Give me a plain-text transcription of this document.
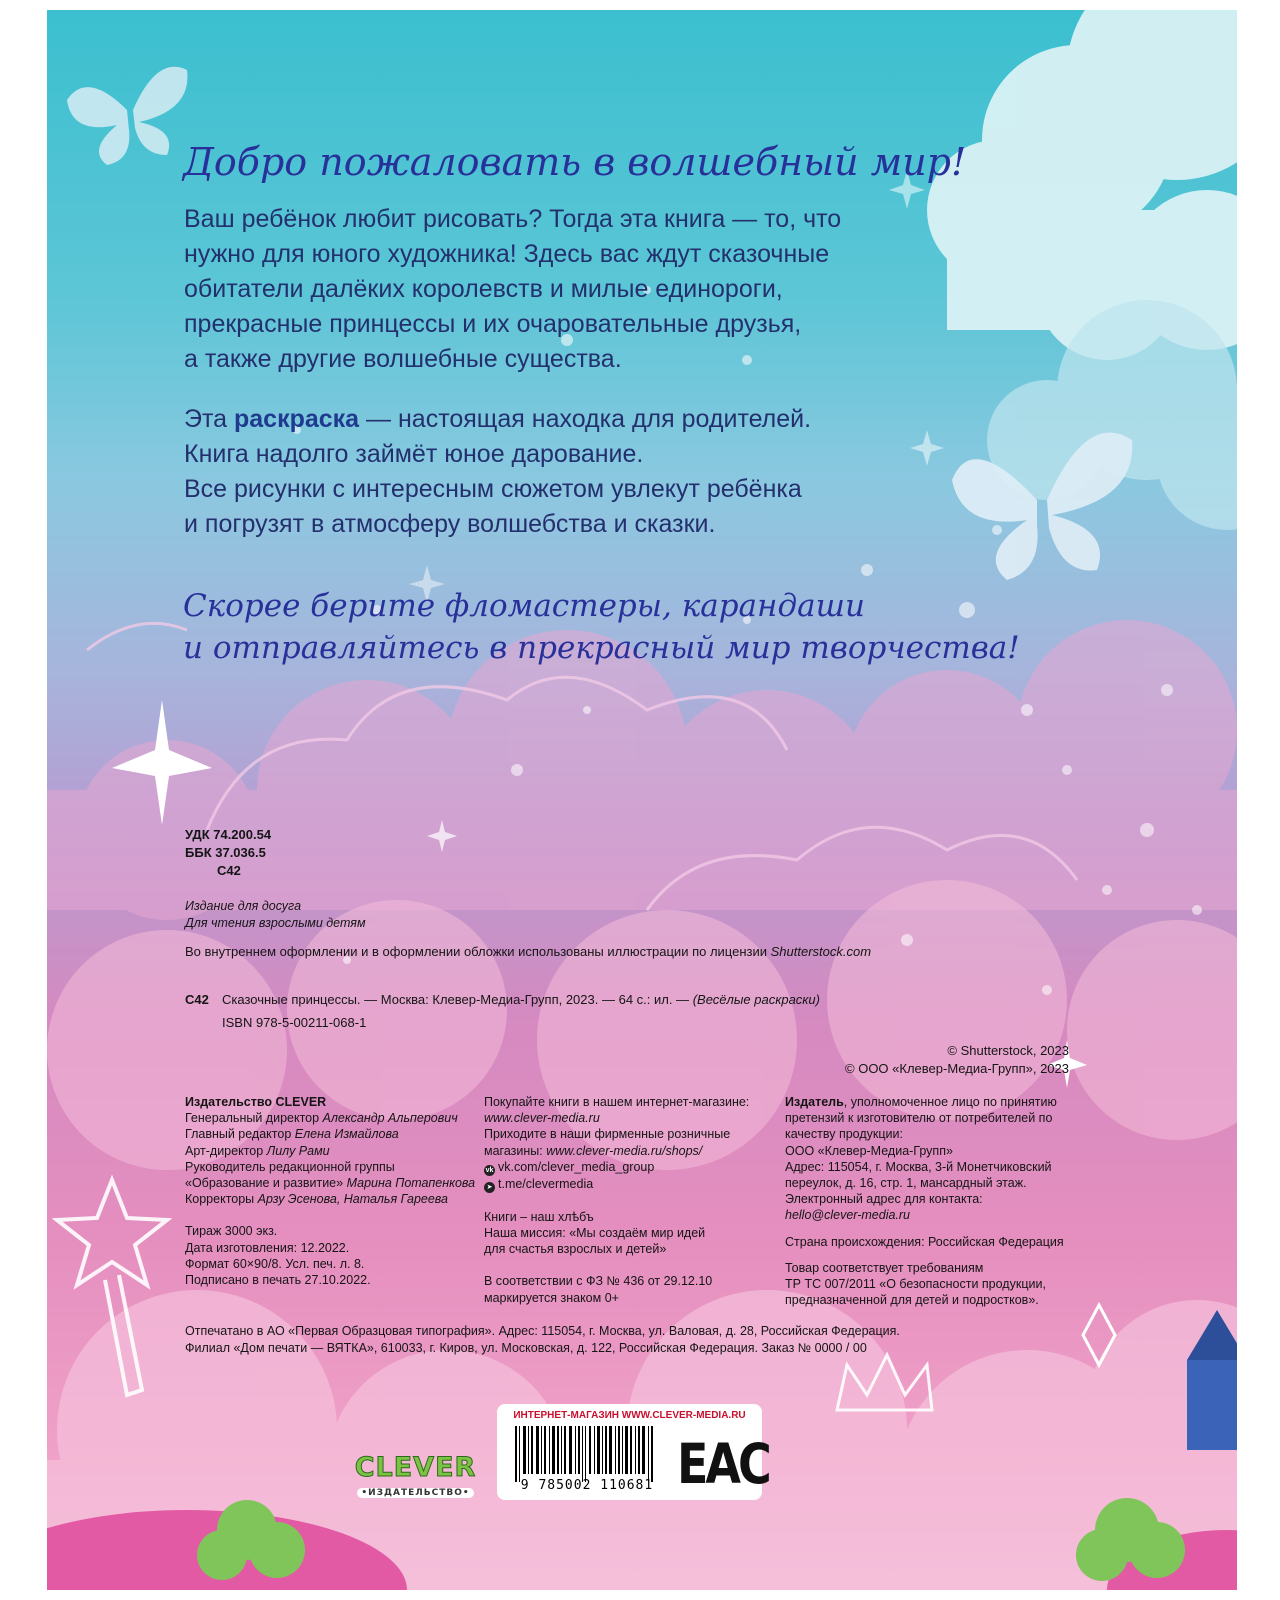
Добро пожаловать в волшебный мир!
Ваш ребёнок любит рисовать? Тогда эта книга — то, что
нужно для юного художника! Здесь вас ждут сказочные
обитатели далёких королевств и милые единороги,
прекрасные принцессы и их очаровательные друзья,
а также другие волшебные существа.
Эта раскраска — настоящая находка для родителей.
Книга надолго займёт юное дарование.
Все рисунки с интересным сюжетом увлекут ребёнка
и погрузят в атмосферу волшебства и сказки.
Скорее берите фломастеры, карандаши
и отправляйтесь в прекрасный мир творчества!
УДК 74.200.54
ББК 37.036.5
С42
Издание для досуга
Для чтения взрослыми детям
Во внутреннем оформлении и в оформлении обложки использованы иллюстрации по лицензии Shutterstock.com
С42 Сказочные принцессы. — Москва: Клевер-Медиа-Групп, 2023. — 64 с.: ил. — (Весёлые раскраски)
ISBN 978-5-00211-068-1
© Shutterstock, 2023
© ООО «Клевер-Медиа-Групп», 2023
Издательство CLEVER
Генеральный директор Александр Альперович
Главный редактор Елена Измайлова
Арт-директор Лилу Рами
Руководитель редакционной группы
«Образование и развитие» Марина Потапенкова
Корректоры Арзу Эсенова, Наталья Гареева
Тираж 3000 экз.
Дата изготовления: 12.2022.
Формат 60×90/8. Усл. печ. л. 8.
Подписано в печать 27.10.2022.
Покупайте книги в нашем интернет-магазине:
www.clever-media.ru
Приходите в наши фирменные розничные
магазины: www.clever-media.ru/shops/
vk vk.com/clever_media_group
➤ t.me/clevermedia
Книги – наш хлѣбъ
Наша миссия: «Мы создаём мир идей
для счастья взрослых и детей»
В соответствии с ФЗ № 436 от 29.12.10
маркируется знаком 0+
Издатель, уполномоченное лицо по принятию
претензий к изготовителю от потребителей по
качеству продукции:
ООО «Клевер-Медиа-Групп»
Адрес: 115054, г. Москва, 3-й Монетчиковский
переулок, д. 16, стр. 1, мансардный этаж.
Электронный адрес для контакта:
hello@clever-media.ru
Страна происхождения: Российская Федерация
Товар соответствует требованиям
ТР ТС 007/2011 «О безопасности продукции,
предназначенной для детей и подростков».
Отпечатано в АО «Первая Образцовая типография». Адрес: 115054, г. Москва, ул. Валовая, д. 28, Российская Федерация.
Филиал «Дом печати — ВЯТКА», 610033, г. Киров, ул. Московская, д. 122, Российская Федерация. Заказ № 0000 / 00
CLEVER
•ИЗДАТЕЛЬСТВО•
ИНТЕРНЕТ-МАГАЗИН WWW.CLEVER-MEDIA.RU
9 785002 110681 EAC
